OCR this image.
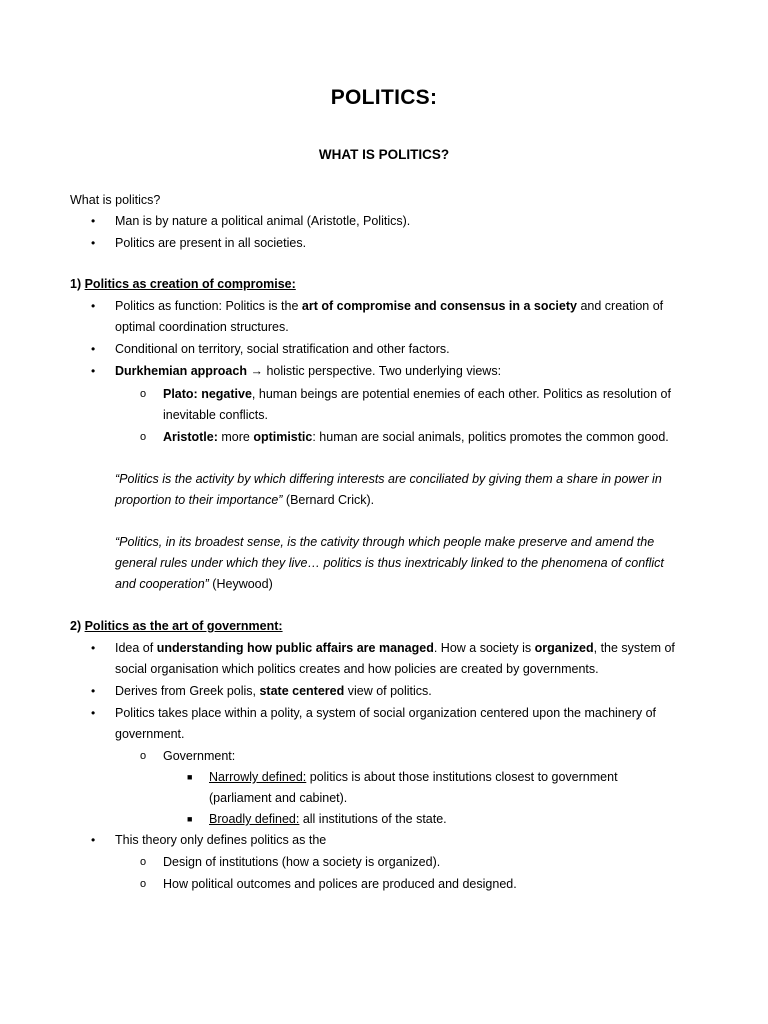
POLITICS:
WHAT IS POLITICS?
What is politics?
• Man is by nature a political animal (Aristotle, Politics).
• Politics are present in all societies.
1) Politics as creation of compromise:
• Politics as function: Politics is the art of compromise and consensus in a society and creation of
optimal coordination structures.
• Conditional on territory, social stratification and other factors.
• Durkhemian approach → holistic perspective. Two underlying views:
o Plato: negative, human beings are potential enemies of each other. Politics as resolution of
inevitable conflicts.
o Aristotle: more optimistic: human are social animals, politics promotes the common good.
“Politics is the activity by which differing interests are conciliated by giving them a share in power in
proportion to their importance” (Bernard Crick).
“Politics, in its broadest sense, is the cativity through which people make preserve and amend the
general rules under which they live… politics is thus inextricably linked to the phenomena of conflict
and cooperation” (Heywood)
2) Politics as the art of government:
• Idea of understanding how public affairs are managed. How a society is organized, the system of
social organisation which politics creates and how policies are created by governments.
• Derives from Greek polis, state centered view of politics.
• Politics takes place within a polity, a system of social organization centered upon the machinery of
government.
o Government:
■ Narrowly defined: politics is about those institutions closest to government
(parliament and cabinet).
■ Broadly defined: all institutions of the state.
• This theory only defines politics as the
o Design of institutions (how a society is organized).
o How political outcomes and polices are produced and designed.
